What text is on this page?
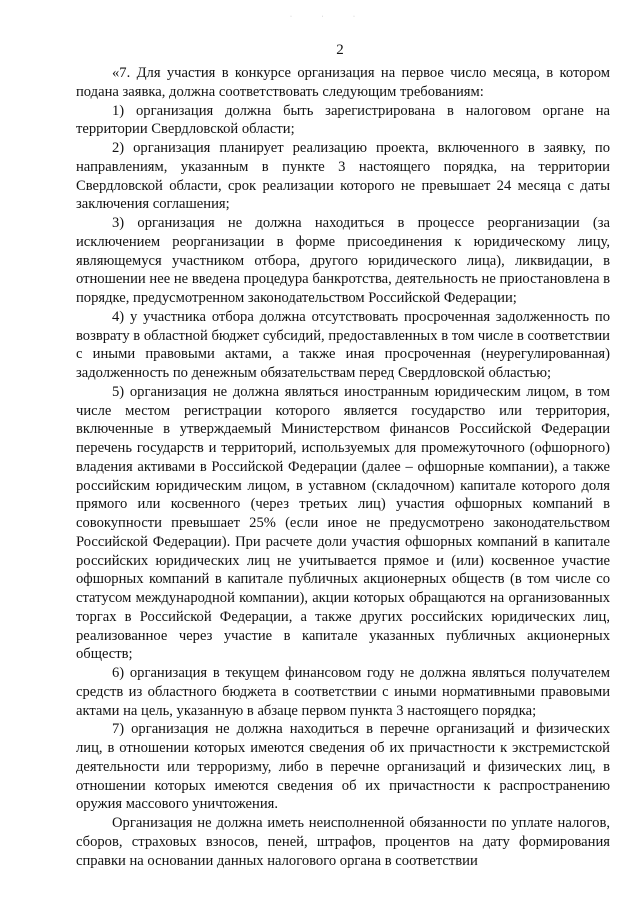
· · ·
2

«7. Для участия в конкурсе организация на первое число месяца, в котором подана заявка, должна соответствовать следующим требованиям:

1) организация должна быть зарегистрирована в налоговом органе на территории Свердловской области;

2) организация планирует реализацию проекта, включенного в заявку, по направлениям, указанным в пункте 3 настоящего порядка, на территории Свердловской области, срок реализации которого не превышает 24 месяца с даты заключения соглашения;

3) организация не должна находиться в процессе реорганизации (за исключением реорганизации в форме присоединения к юридическому лицу, являющемуся участником отбора, другого юридического лица), ликвидации, в отношении нее не введена процедура банкротства, деятельность не приостановлена в порядке, предусмотренном законодательством Российской Федерации;

4) у участника отбора должна отсутствовать просроченная задолженность по возврату в областной бюджет субсидий, предоставленных в том числе в соответствии с иными правовыми актами, а также иная просроченная (неурегулированная) задолженность по денежным обязательствам перед Свердловской областью;

5) организация не должна являться иностранным юридическим лицом, в том числе местом регистрации которого является государство или территория, включенные в утверждаемый Министерством финансов Российской Федерации перечень государств и территорий, используемых для промежуточного (офшорного) владения активами в Российской Федерации (далее – офшорные компании), а также российским юридическим лицом, в уставном (складочном) капитале которого доля прямого или косвенного (через третьих лиц) участия офшорных компаний в совокупности превышает 25% (если иное не предусмотрено законодательством Российской Федерации). При расчете доли участия офшорных компаний в капитале российских юридических лиц не учитывается прямое и (или) косвенное участие офшорных компаний в капитале публичных акционерных обществ (в том числе со статусом международной компании), акции которых обращаются на организованных торгах в Российской Федерации, а также других российских юридических лиц, реализованное через участие в капитале указанных публичных акционерных обществ;

6) организация в текущем финансовом году не должна являться получателем средств из областного бюджета в соответствии с иными нормативными правовыми актами на цель, указанную в абзаце первом пункта 3 настоящего порядка;

7) организация не должна находиться в перечне организаций и физических лиц, в отношении которых имеются сведения об их причастности к экстремистской деятельности или терроризму, либо в перечне организаций и физических лиц, в отношении которых имеются сведения об их причастности к распространению оружия массового уничтожения.

Организация не должна иметь неисполненной обязанности по уплате налогов, сборов, страховых взносов, пеней, штрафов, процентов на дату формирования справки на основании данных налогового органа в соответствии
